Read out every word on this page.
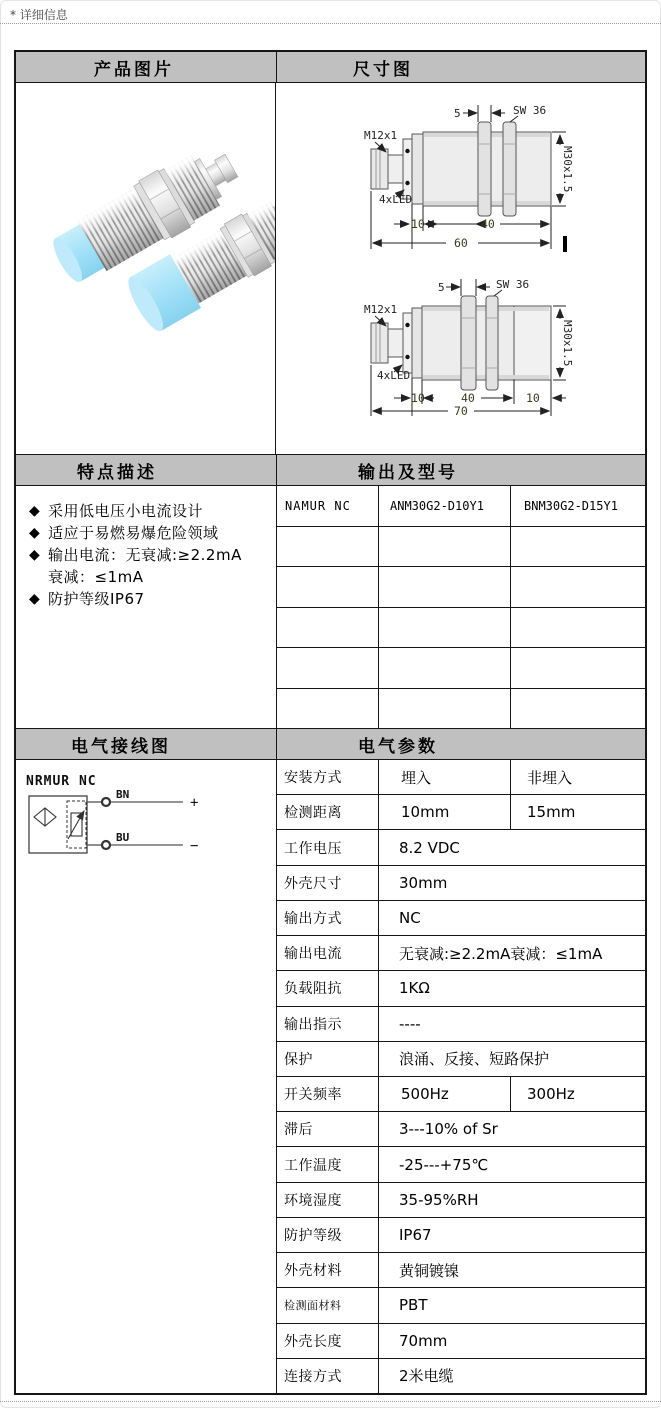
* 详细信息
产品图片	尺寸图
5	SW 36
M12x1
4xLED
M30x1.5
10	40
60
5	SW 36
M12x1
4xLED
M30x1.5
10	40	10
70
特点描述	输出及型号
◆ 采用低电压小电流设计
◆ 适应于易燃易爆危险领域
◆ 输出电流：无衰减:≥2.2mA
衰减：≤1mA
◆ 防护等级IP67
NAMUR NC	ANM30G2-D10Y1	BNM30G2-D15Y1
电气接线图	电气参数
NRMUR NC
BN
+
BU
−
安装方式	埋入	非埋入
检测距离	10mm	15mm
工作电压	8.2 VDC
外壳尺寸	30mm
输出方式	NC
输出电流	无衰减:≥2.2mA衰减：≤1mA
负载阻抗	1KΩ
输出指示	----
保护	浪涌、反接、短路保护
开关频率	500Hz	300Hz
滞后	3---10% of Sr
工作温度	-25---+75℃
环境湿度	35-95%RH
防护等级	IP67
外壳材料	黄铜镀镍
检测面材料	PBT
外壳长度	70mm
连接方式	2米电缆
